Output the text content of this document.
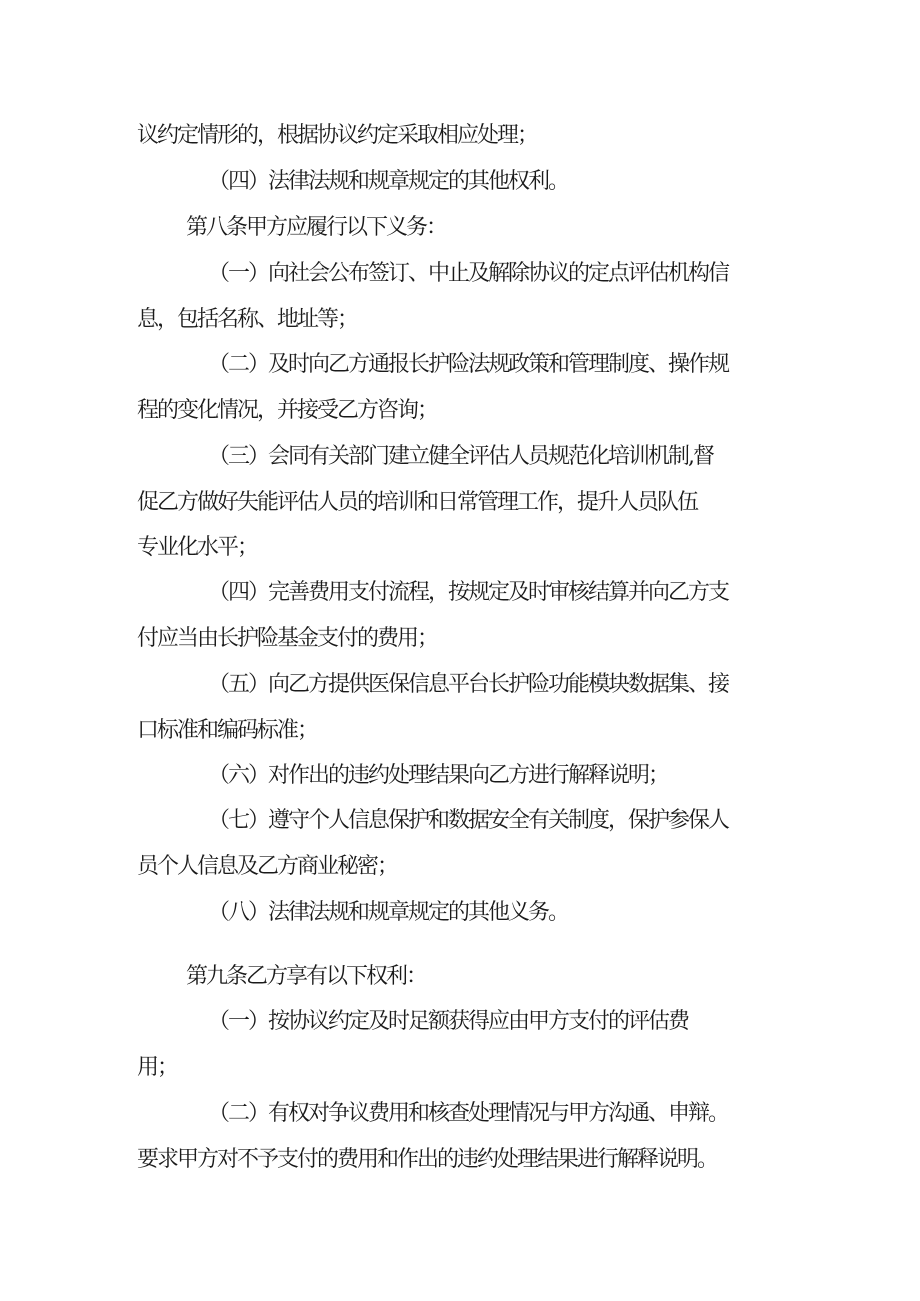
议约定情形的，根据协议约定采取相应处理；
（四）法律法规和规章规定的其他权利。
第八条甲方应履行以下义务：
（一）向社会公布签订、中止及解除协议的定点评估机构信
息，包括名称、地址等；
（二）及时向乙方通报长护险法规政策和管理制度、操作规
程的变化情况，并接受乙方咨询；
（三）会同有关部门建立健全评估人员规范化培训机制,督
促乙方做好失能评估人员的培训和日常管理工作，提升人员队伍
专业化水平；
（四）完善费用支付流程，按规定及时审核结算并向乙方支
付应当由长护险基金支付的费用；
（五）向乙方提供医保信息平台长护险功能模块数据集、接
口标准和编码标准；
（六）对作出的违约处理结果向乙方进行解释说明；
（七）遵守个人信息保护和数据安全有关制度，保护参保人
员个人信息及乙方商业秘密；
（八）法律法规和规章规定的其他义务。
第九条乙方享有以下权利：
（一）按协议约定及时足额获得应由甲方支付的评估费
用；
（二）有权对争议费用和核查处理情况与甲方沟通、申辩。
要求甲方对不予支付的费用和作出的违约处理结果进行解释说明。
